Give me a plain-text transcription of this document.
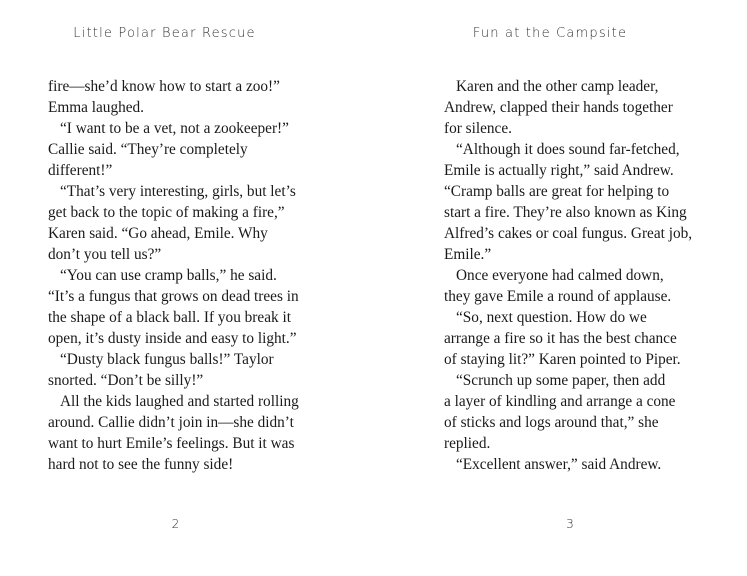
Little Polar Bear Rescue
fire—she’d know how to start a zoo!”
Emma laughed.
“I want to be a vet, not a zookeeper!”
Callie said. “They’re completely
different!”
“That’s very interesting, girls, but let’s
get back to the topic of making a fire,”
Karen said. “Go ahead, Emile. Why
don’t you tell us?”
“You can use cramp balls,” he said.
“It’s a fungus that grows on dead trees in
the shape of a black ball. If you break it
open, it’s dusty inside and easy to light.”
“Dusty black fungus balls!” Taylor
snorted. “Don’t be silly!”
All the kids laughed and started rolling
around. Callie didn’t join in—she didn’t
want to hurt Emile’s feelings. But it was
hard not to see the funny side!
2
Fun at the Campsite
Karen and the other camp leader,
Andrew, clapped their hands together
for silence.
“Although it does sound far-fetched,
Emile is actually right,” said Andrew.
“Cramp balls are great for helping to
start a fire. They’re also known as King
Alfred’s cakes or coal fungus. Great job,
Emile.”
Once everyone had calmed down,
they gave Emile a round of applause.
“So, next question. How do we
arrange a fire so it has the best chance
of staying lit?” Karen pointed to Piper.
“Scrunch up some paper, then add
a layer of kindling and arrange a cone
of sticks and logs around that,” she
replied.
“Excellent answer,” said Andrew.
3
